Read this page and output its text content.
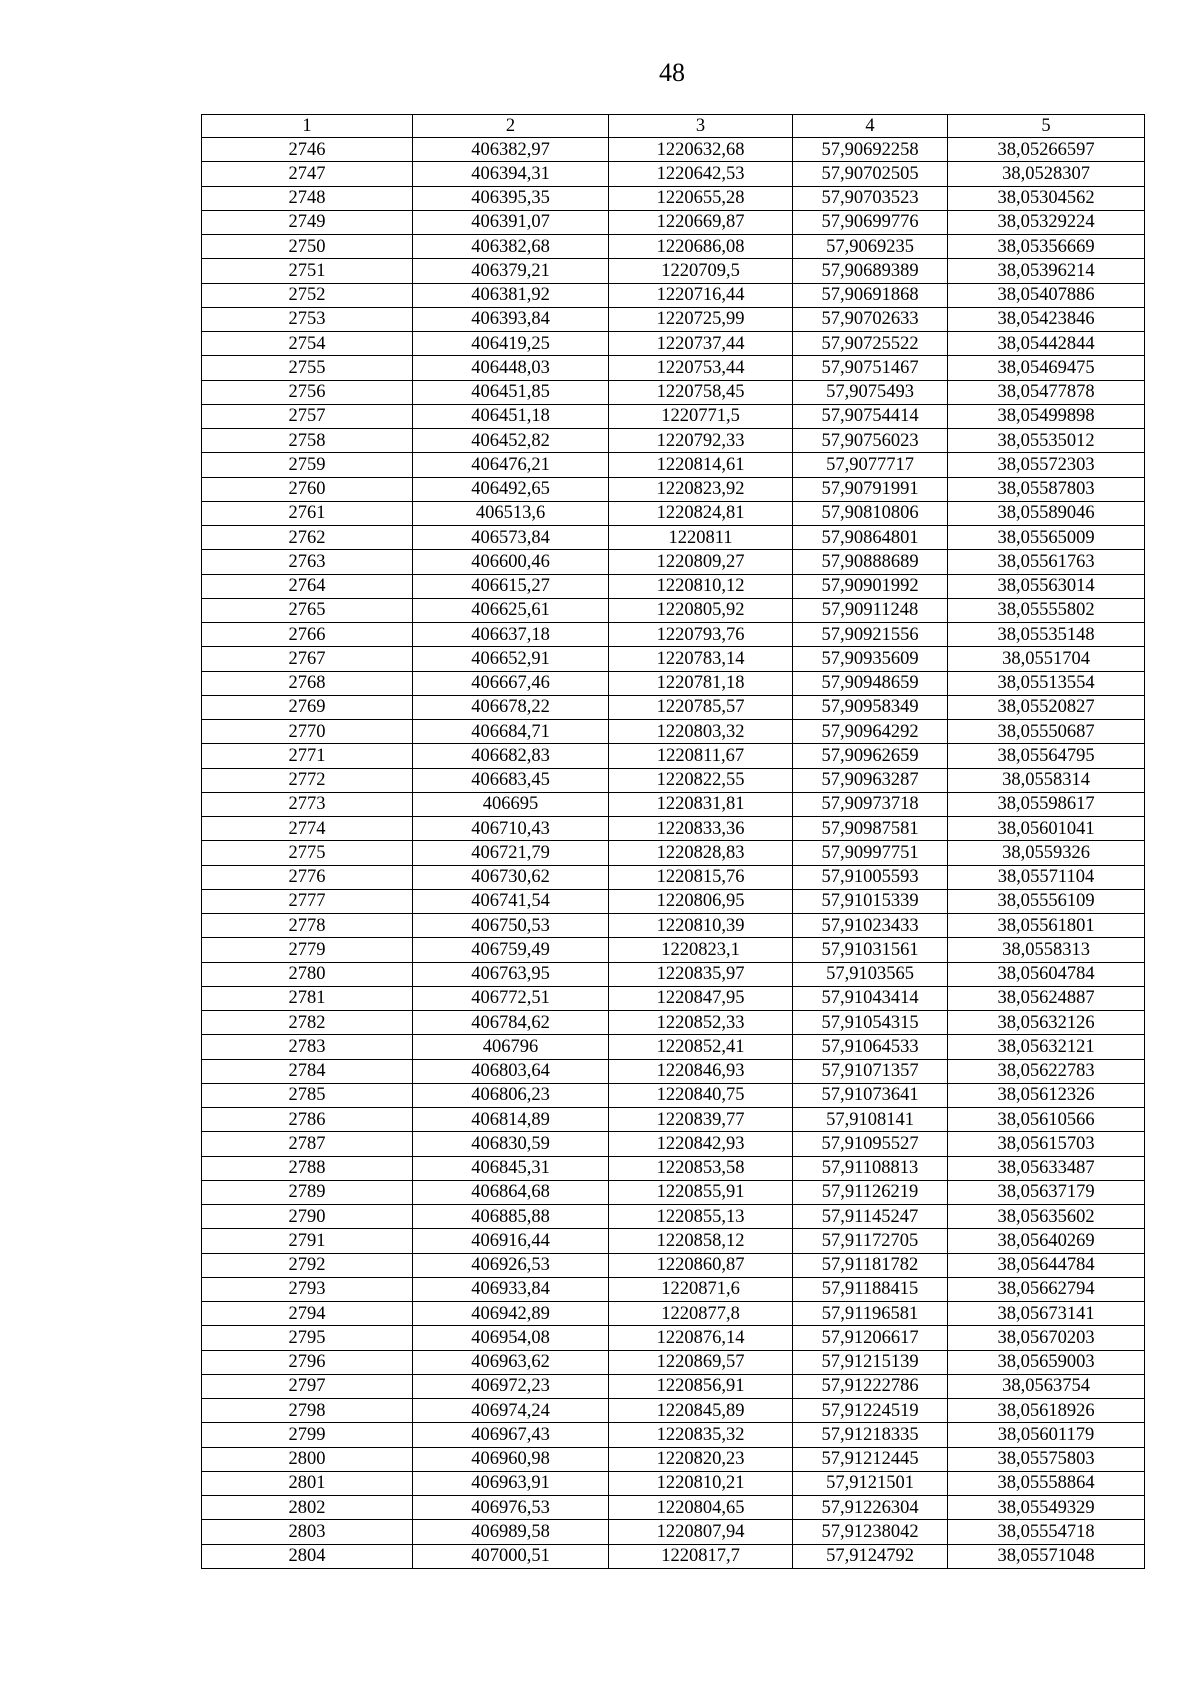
48
1	2	3	4	5
2746	406382,97	1220632,68	57,90692258	38,05266597
2747	406394,31	1220642,53	57,90702505	38,0528307
2748	406395,35	1220655,28	57,90703523	38,05304562
2749	406391,07	1220669,87	57,90699776	38,05329224
2750	406382,68	1220686,08	57,9069235	38,05356669
2751	406379,21	1220709,5	57,90689389	38,05396214
2752	406381,92	1220716,44	57,90691868	38,05407886
2753	406393,84	1220725,99	57,90702633	38,05423846
2754	406419,25	1220737,44	57,90725522	38,05442844
2755	406448,03	1220753,44	57,90751467	38,05469475
2756	406451,85	1220758,45	57,9075493	38,05477878
2757	406451,18	1220771,5	57,90754414	38,05499898
2758	406452,82	1220792,33	57,90756023	38,05535012
2759	406476,21	1220814,61	57,9077717	38,05572303
2760	406492,65	1220823,92	57,90791991	38,05587803
2761	406513,6	1220824,81	57,90810806	38,05589046
2762	406573,84	1220811	57,90864801	38,05565009
2763	406600,46	1220809,27	57,90888689	38,05561763
2764	406615,27	1220810,12	57,90901992	38,05563014
2765	406625,61	1220805,92	57,90911248	38,05555802
2766	406637,18	1220793,76	57,90921556	38,05535148
2767	406652,91	1220783,14	57,90935609	38,0551704
2768	406667,46	1220781,18	57,90948659	38,05513554
2769	406678,22	1220785,57	57,90958349	38,05520827
2770	406684,71	1220803,32	57,90964292	38,05550687
2771	406682,83	1220811,67	57,90962659	38,05564795
2772	406683,45	1220822,55	57,90963287	38,0558314
2773	406695	1220831,81	57,90973718	38,05598617
2774	406710,43	1220833,36	57,90987581	38,05601041
2775	406721,79	1220828,83	57,90997751	38,0559326
2776	406730,62	1220815,76	57,91005593	38,05571104
2777	406741,54	1220806,95	57,91015339	38,05556109
2778	406750,53	1220810,39	57,91023433	38,05561801
2779	406759,49	1220823,1	57,91031561	38,0558313
2780	406763,95	1220835,97	57,9103565	38,05604784
2781	406772,51	1220847,95	57,91043414	38,05624887
2782	406784,62	1220852,33	57,91054315	38,05632126
2783	406796	1220852,41	57,91064533	38,05632121
2784	406803,64	1220846,93	57,91071357	38,05622783
2785	406806,23	1220840,75	57,91073641	38,05612326
2786	406814,89	1220839,77	57,9108141	38,05610566
2787	406830,59	1220842,93	57,91095527	38,05615703
2788	406845,31	1220853,58	57,91108813	38,05633487
2789	406864,68	1220855,91	57,91126219	38,05637179
2790	406885,88	1220855,13	57,91145247	38,05635602
2791	406916,44	1220858,12	57,91172705	38,05640269
2792	406926,53	1220860,87	57,91181782	38,05644784
2793	406933,84	1220871,6	57,91188415	38,05662794
2794	406942,89	1220877,8	57,91196581	38,05673141
2795	406954,08	1220876,14	57,91206617	38,05670203
2796	406963,62	1220869,57	57,91215139	38,05659003
2797	406972,23	1220856,91	57,91222786	38,0563754
2798	406974,24	1220845,89	57,91224519	38,05618926
2799	406967,43	1220835,32	57,91218335	38,05601179
2800	406960,98	1220820,23	57,91212445	38,05575803
2801	406963,91	1220810,21	57,9121501	38,05558864
2802	406976,53	1220804,65	57,91226304	38,05549329
2803	406989,58	1220807,94	57,91238042	38,05554718
2804	407000,51	1220817,7	57,9124792	38,05571048
